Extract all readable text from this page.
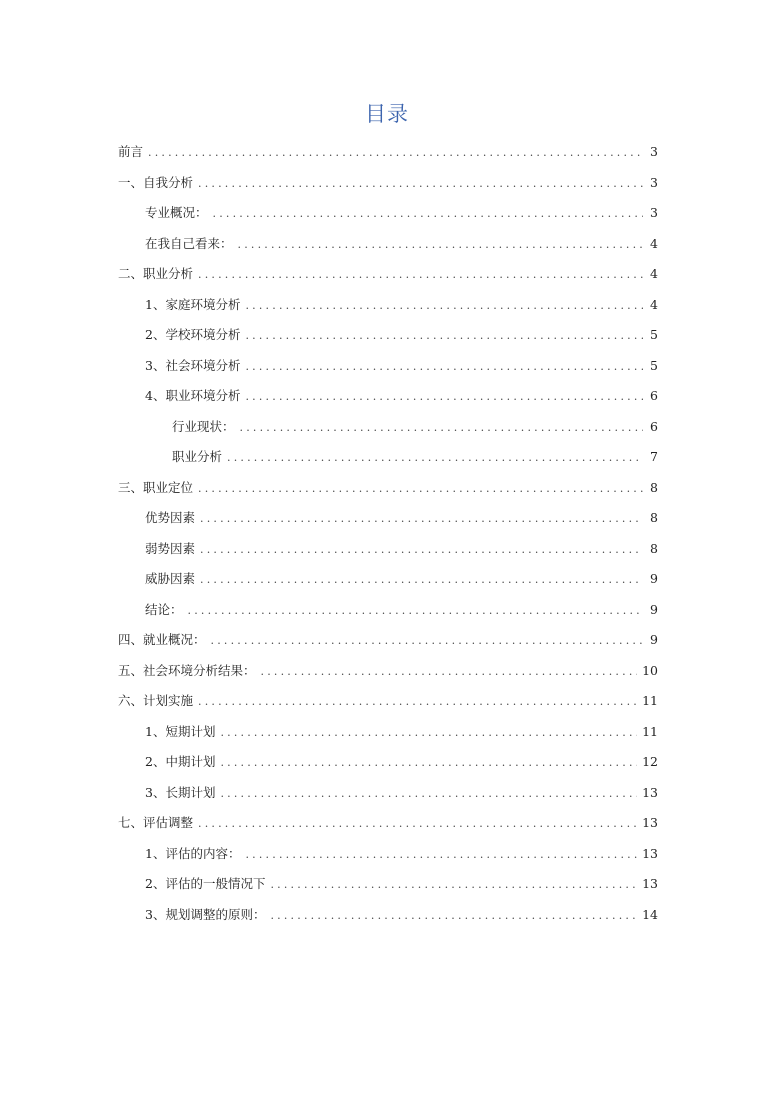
目录
前言 .....	3
一、自我分析 .....	3
专业概况： .....	3
在我自己看来： .....	4
二、职业分析 .....	4
1、家庭环境分析 .....	4
2、学校环境分析 .....	5
3、社会环境分析 .....	5
4、职业环境分析 .....	6
行业现状： .....	6
职业分析 .....	7
三、职业定位 .....	8
优势因素 .....	8
弱势因素 .....	8
威胁因素 .....	9
结论： .....	9
四、就业概况： .....	9
五、社会环境分析结果： .....	10
六、计划实施 .....	11
1、短期计划 .....	11
2、中期计划 .....	12
3、长期计划 .....	13
七、评估调整 .....	13
1、评估的内容： .....	13
2、评估的一般情况下 .....	13
3、规划调整的原则： .....	14
